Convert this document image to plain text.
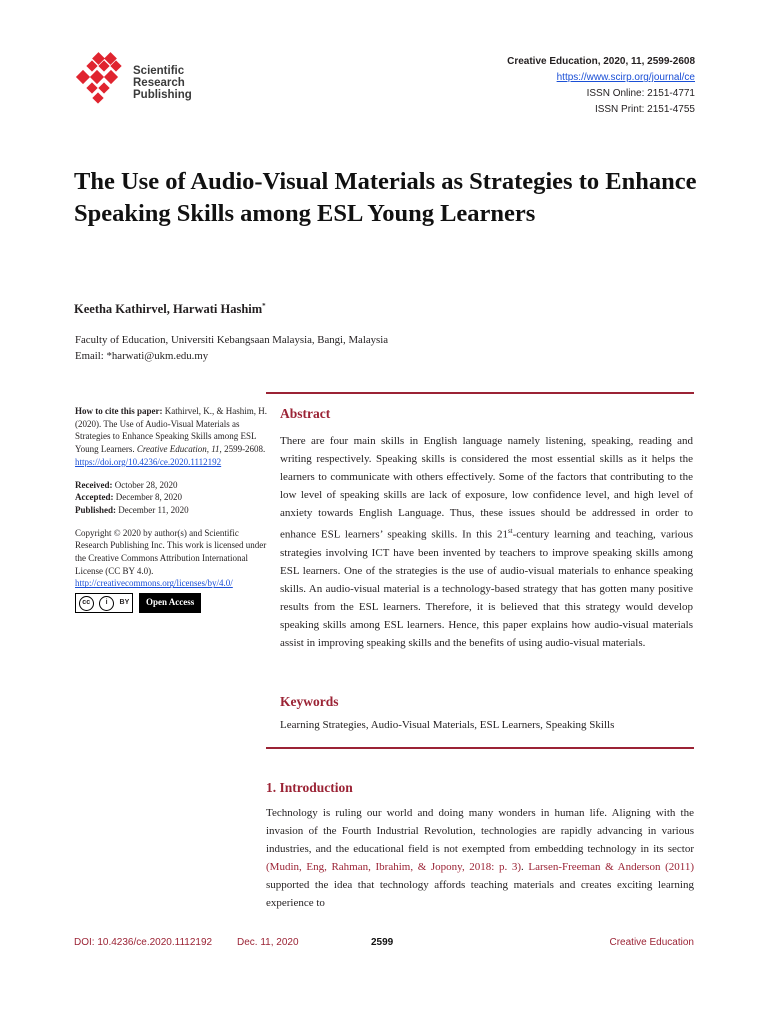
Scientific
Research
Publishing
Creative Education, 2020, 11, 2599-2608
https://www.scirp.org/journal/ce
ISSN Online: 2151-4771
ISSN Print: 2151-4755
The Use of Audio-Visual Materials as Strategies to Enhance Speaking Skills among ESL Young Learners
Keetha Kathirvel, Harwati Hashim*
Faculty of Education, Universiti Kebangsaan Malaysia, Bangi, Malaysia
Email: *harwati@ukm.edu.my

How to cite this paper: Kathirvel, K., & Hashim, H. (2020). The Use of Audio-Visual Materials as Strategies to Enhance Speaking Skills among ESL Young Learners. Creative Education, 11, 2599-2608.
https://doi.org/10.4236/ce.2020.1112192

Received: October 28, 2020
Accepted: December 8, 2020
Published: December 11, 2020

Copyright © 2020 by author(s) and Scientific Research Publishing Inc. This work is licensed under the Creative Commons Attribution International License (CC BY 4.0).
http://creativecommons.org/licenses/by/4.0/

cc	i	BY	Open Access
Abstract

There are four main skills in English language namely listening, speaking, reading and writing respectively. Speaking skills is considered the most essential skills as it helps the learners to communicate with others effectively. Some of the factors that contributing to the low level of speaking skills are lack of exposure, low confidence level, and high level of anxiety towards English Language. Thus, these issues should be addressed in order to enhance ESL learners’ speaking skills. In this 21st-century learning and teaching, various strategies involving ICT have been invented by teachers to improve speaking skills among ESL learners. One of the strategies is the use of audio-visual materials to enhance speaking skills. An audio-visual material is a technology-based strategy that has gotten many positive results from the ESL learners. Therefore, it is believed that this strategy would develop speaking skills among ESL learners. Hence, this paper explains how audio-visual materials assist in improving speaking skills and the benefits of using audio-visual materials.

Keywords
Learning Strategies, Audio-Visual Materials, ESL Learners, Speaking Skills
1. Introduction

Technology is ruling our world and doing many wonders in human life. Aligning with the invasion of the Fourth Industrial Revolution, technologies are rapidly advancing in various industries, and the educational field is not exempted from embedding technology in its sector (Mudin, Eng, Rahman, Ibrahim, & Jopony, 2018: p. 3). Larsen-Freeman & Anderson (2011) supported the idea that technology affords teaching materials and creates exciting learning experience to

DOI: 10.4236/ce.2020.1112192 Dec. 11, 2020	2599	Creative Education
